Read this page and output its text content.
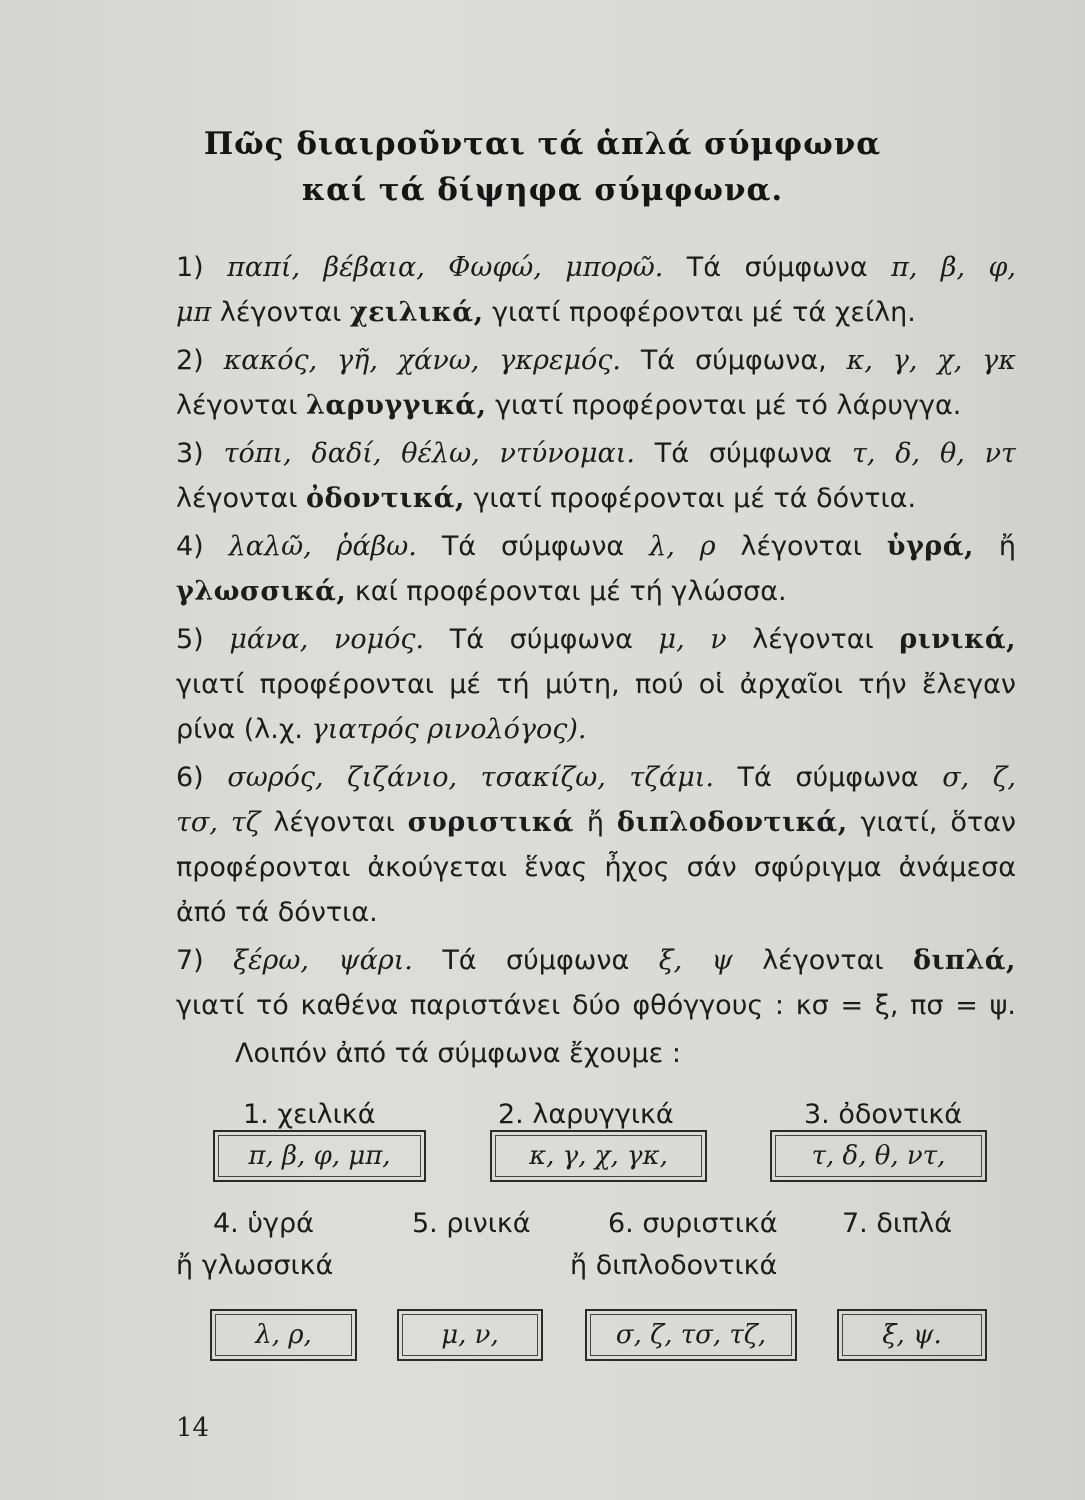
Πῶς διαιροῦνται τά ἁπλά σύμφωνα
καί τά δίψηφα σύμφωνα.
1) παπί, βέβαια, Φωφώ, μπορῶ. Τά σύμφωνα π, β, φ,
μπ λέγονται χειλικά, γιατί προφέρονται μέ τά χείλη.
2) κακός, γῆ, χάνω, γκρεμός. Τά σύμφωνα, κ, γ, χ, γκ
λέγονται λαρυγγικά, γιατί προφέρονται μέ τό λάρυγγα.
3) τόπι, δαδί, θέλω, ντύνομαι. Τά σύμφωνα τ, δ, θ, ντ
λέγονται ὀδοντικά, γιατί προφέρονται μέ τά δόντια.
4) λαλῶ, ῥάβω. Τά σύμφωνα λ, ρ λέγονται ὑγρά, ἤ
γλωσσικά, καί προφέρονται μέ τή γλώσσα.
5) μάνα, νομός. Τά σύμφωνα μ, ν λέγονται ρινικά,
γιατί προφέρονται μέ τή μύτη, πού οἱ ἀρχαῖοι τήν ἔλεγαν
ρίνα (λ.χ. γιατρός ρινολόγος).
6) σωρός, ζιζάνιο, τσακίζω, τζάμι. Τά σύμφωνα σ, ζ,
τσ, τζ λέγονται συριστικά ἤ διπλοδοντικά, γιατί, ὅταν
προφέρονται ἀκούγεται ἕνας ἦχος σάν σφύριγμα ἀνάμεσα
ἀπό τά δόντια.
7) ξέρω, ψάρι. Τά σύμφωνα ξ, ψ λέγονται διπλά,
γιατί τό καθένα παριστάνει δύο φθόγγους : κσ = ξ, πσ = ψ.
Λοιπόν ἀπό τά σύμφωνα ἔχουμε :
1. χειλικά	2. λαρυγγικά	3. ὀδοντικά
π, β, φ, μπ,	κ, γ, χ, γκ,	τ, δ, θ, ντ,
4. ὑγρά
ἤ γλωσσικά
5. ρινικά	6. συριστικά
ἤ διπλοδοντικά
7. διπλά
λ, ρ,	μ, ν,	σ, ζ, τσ, τζ,	ξ, ψ.
14
